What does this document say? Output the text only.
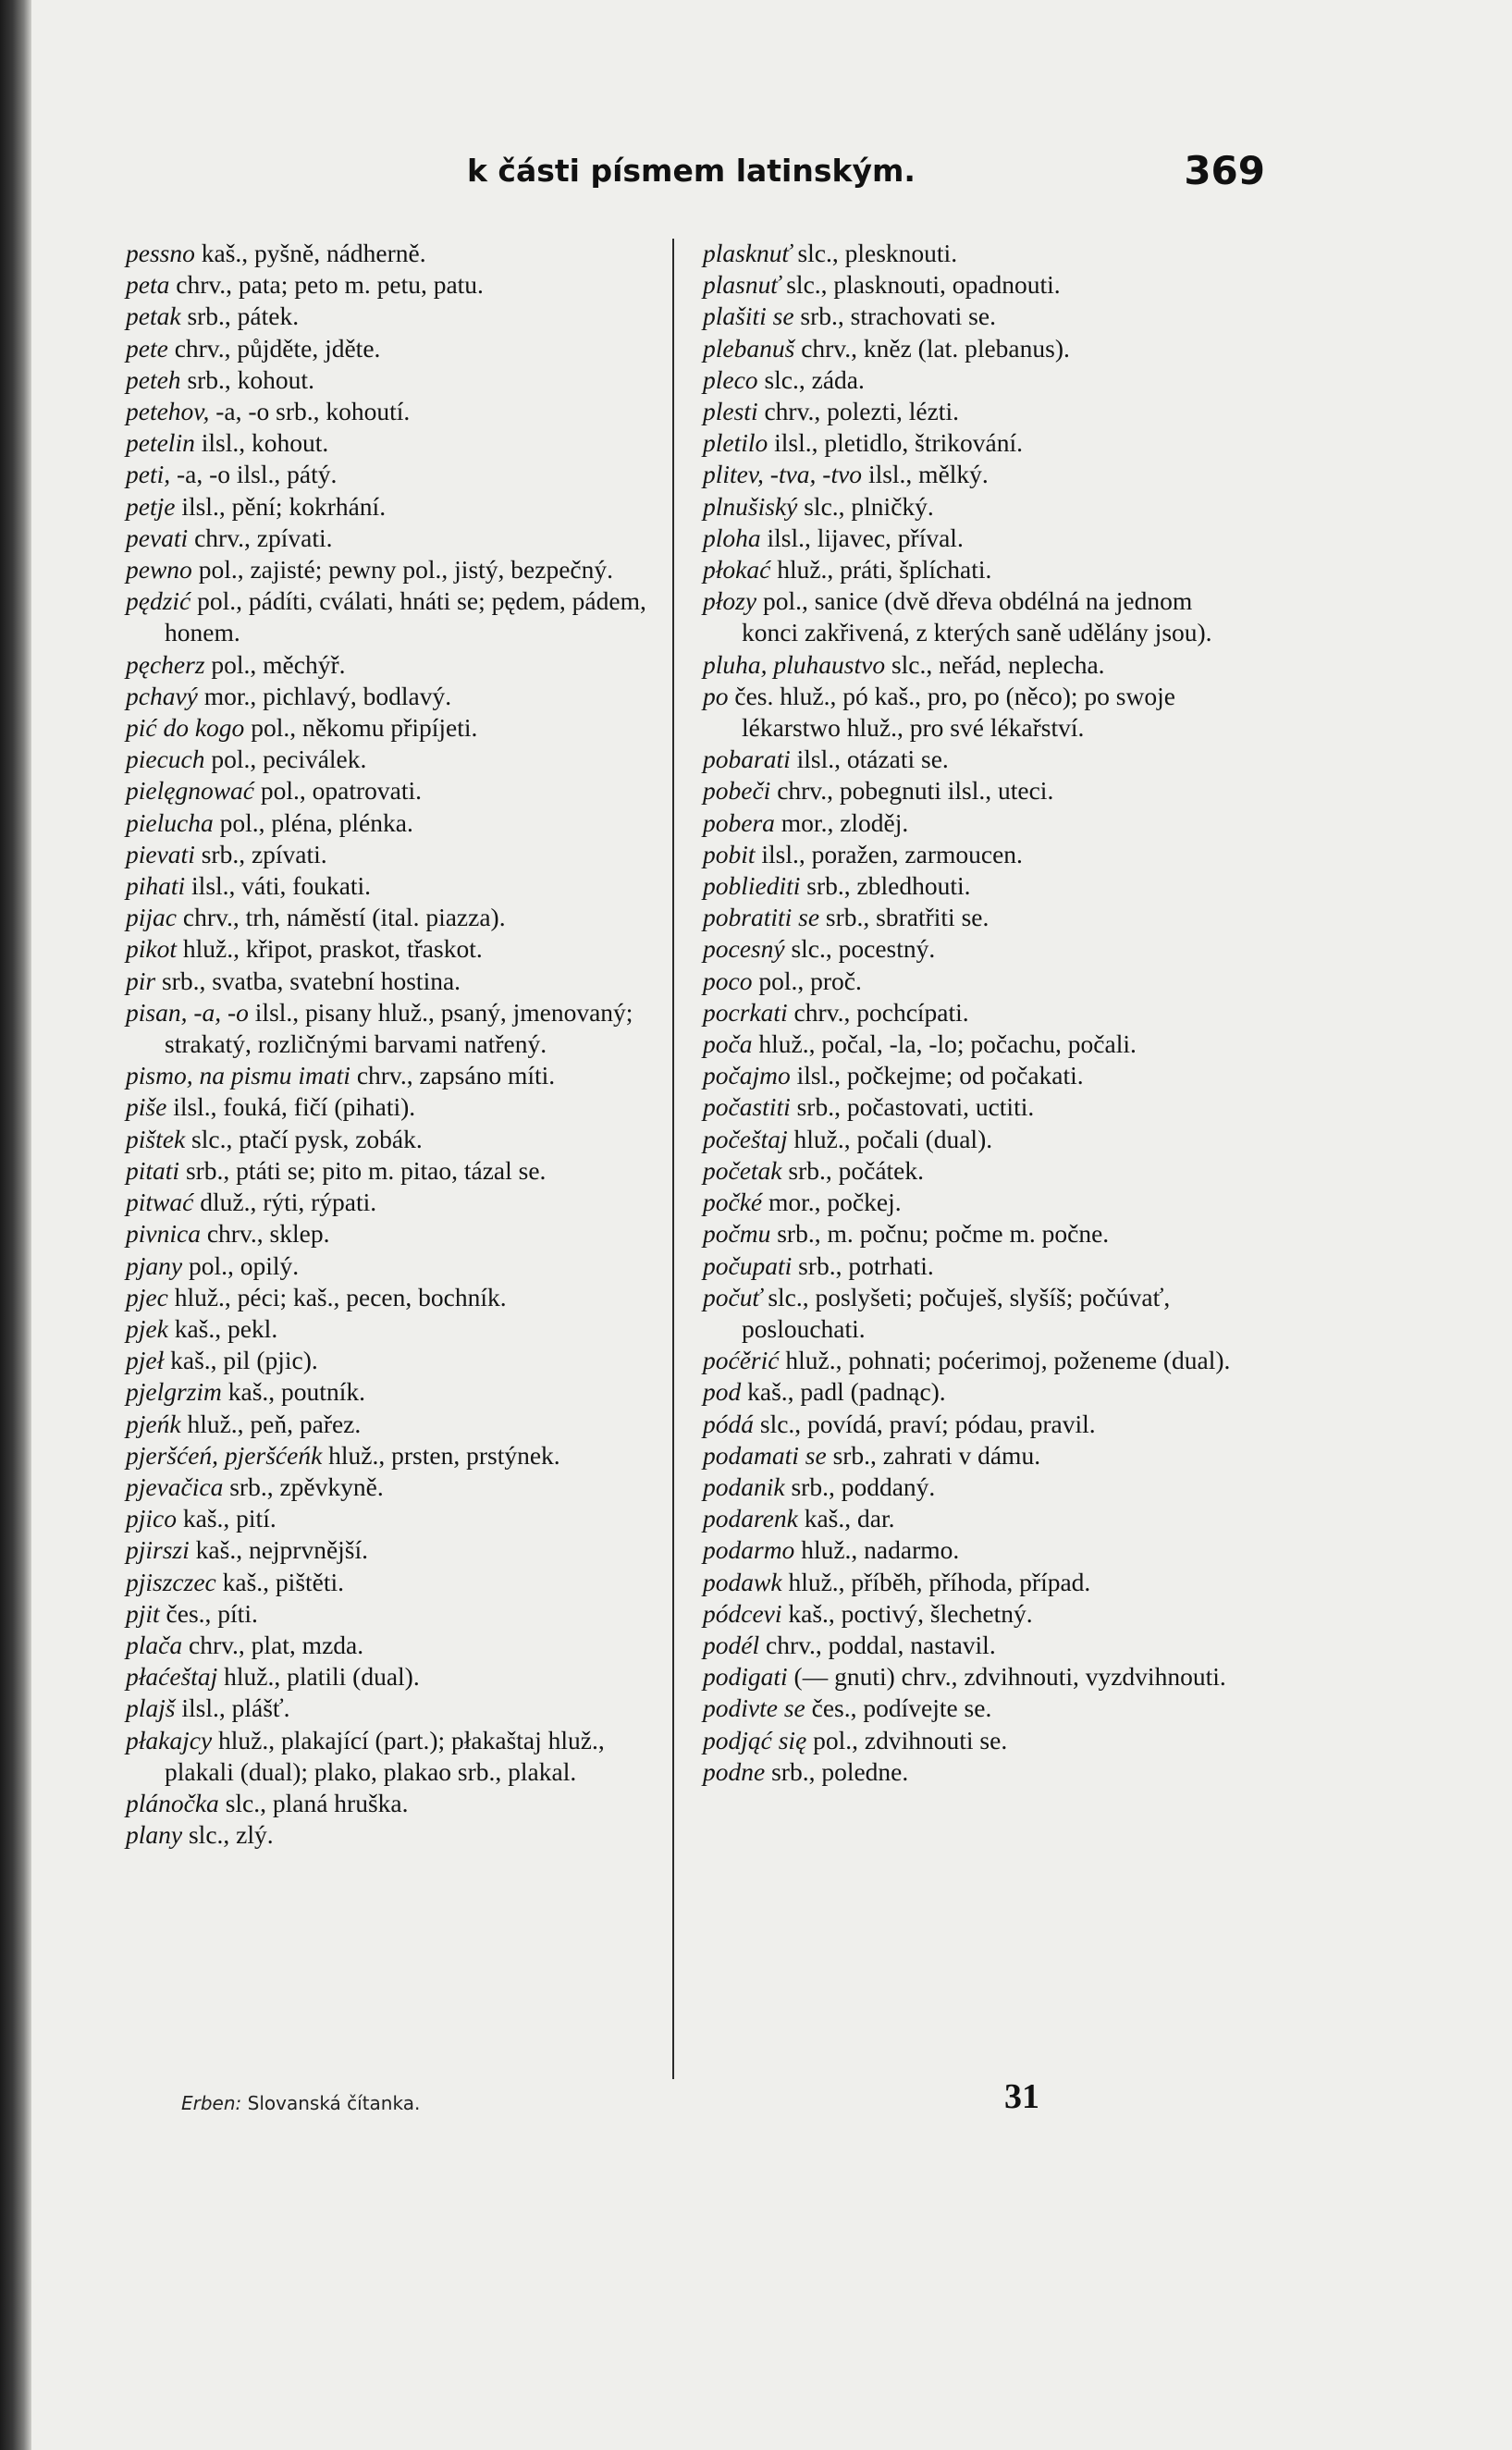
k části písmem latinským.	369

pessno kaš., pyšně, nádherně.

peta chrv., pata; peto m. petu, patu.

petak srb., pátek.

pete chrv., půjděte, jděte.

peteh srb., kohout.

petehov, -a, -o srb., kohoutí.

petelin ilsl., kohout.

peti, -a, -o ilsl., pátý.

petje ilsl., pění; kokrhání.

pevati chrv., zpívati.

pewno pol., zajisté; pewny pol., jistý, bezpečný.

pędzić pol., pádíti, cválati, hnáti se; pędem, pádem, honem.

pęcherz pol., měchýř.

pchavý mor., pichlavý, bodlavý.

pić do kogo pol., někomu připíjeti.

piecuch pol., peciválek.

pielęgnować pol., opatrovati.

pielucha pol., pléna, plénka.

pievati srb., zpívati.

pihati ilsl., váti, foukati.

pijac chrv., trh, náměstí (ital. piazza).

pikot hluž., křipot, praskot, třaskot.

pir srb., svatba, svatební hostina.

pisan, -a, -o ilsl., pisany hluž., psaný, jmenovaný; strakatý, rozličnými barvami natřený.

pismo, na pismu imati chrv., zapsáno míti.

piše ilsl., fouká, fičí (pihati).

pištek slc., ptačí pysk, zobák.

pitati srb., ptáti se; pito m. pitao, tázal se.

pitwać dluž., rýti, rýpati.

pivnica chrv., sklep.

pjany pol., opilý.

pjec hluž., péci; kaš., pecen, bochník.

pjek kaš., pekl.

pjeł kaš., pil (pjic).

pjelgrzim kaš., poutník.

pjeńk hluž., peň, pařez.

pjeršćeń, pjeršćeńk hluž., prsten, prstýnek.

pjevačica srb., zpěvkyně.

pjico kaš., pití.

pjirszi kaš., nejprvnější.

pjiszczec kaš., pištěti.

pjit čes., píti.

plača chrv., plat, mzda.

płaćeštaj hluž., platili (dual).

plajš ilsl., plášť.

płakajcy hluž., plakající (part.); płakaštaj hluž., plakali (dual); plako, plakao srb., plakal.

plánočka slc., planá hruška.

plany slc., zlý.

plasknuť slc., plesknouti.

plasnuť slc., plasknouti, opadnouti.

plašiti se srb., strachovati se.

plebanuš chrv., kněz (lat. plebanus).

pleco slc., záda.

plesti chrv., polezti, lézti.

pletilo ilsl., pletidlo, štrikování.

plitev, -tva, -tvo ilsl., mělký.

plnušiský slc., plničký.

ploha ilsl., lijavec, příval.

płokać hluž., práti, šplíchati.

płozy pol., sanice (dvě dřeva obdélná na jednom konci zakřivená, z kterých saně udělány jsou).

pluha, pluhaustvo slc., neřád, neplecha.

po čes. hluž., pó kaš., pro, po (něco); po swoje lékarstwo hluž., pro své lékařství.

pobarati ilsl., otázati se.

pobeči chrv., pobegnuti ilsl., uteci.

pobera mor., zloděj.

pobit ilsl., poražen, zarmoucen.

pobliediti srb., zbledhouti.

pobratiti se srb., sbratřiti se.

pocesný slc., pocestný.

poco pol., proč.

pocrkati chrv., pochcípati.

poča hluž., počal, -la, -lo; počachu, počali.

počajmo ilsl., počkejme; od počakati.

počastiti srb., počastovati, uctiti.

počeštaj hluž., počali (dual).

početak srb., počátek.

počké mor., počkej.

počmu srb., m. počnu; počme m. počne.

počupati srb., potrhati.

počuť slc., poslyšeti; počuješ, slyšíš; počúvať, poslouchati.

poćěrić hluž., pohnati; poćerimoj, poženeme (dual).

pod kaš., padl (padnąc).

pódá slc., povídá, praví; pódau, pravil.

podamati se srb., zahrati v dámu.

podanik srb., poddaný.

podarenk kaš., dar.

podarmo hluž., nadarmo.

podawk hluž., příběh, příhoda, případ.

pódcevi kaš., poctivý, šlechetný.

podél chrv., poddal, nastavil.

podigati (— gnuti) chrv., zdvihnouti, vyzdvihnouti.

podivte se čes., podívejte se.

podjąć się pol., zdvihnouti se.

podne srb., poledne.

Erben: Slovanská čítanka.	31
